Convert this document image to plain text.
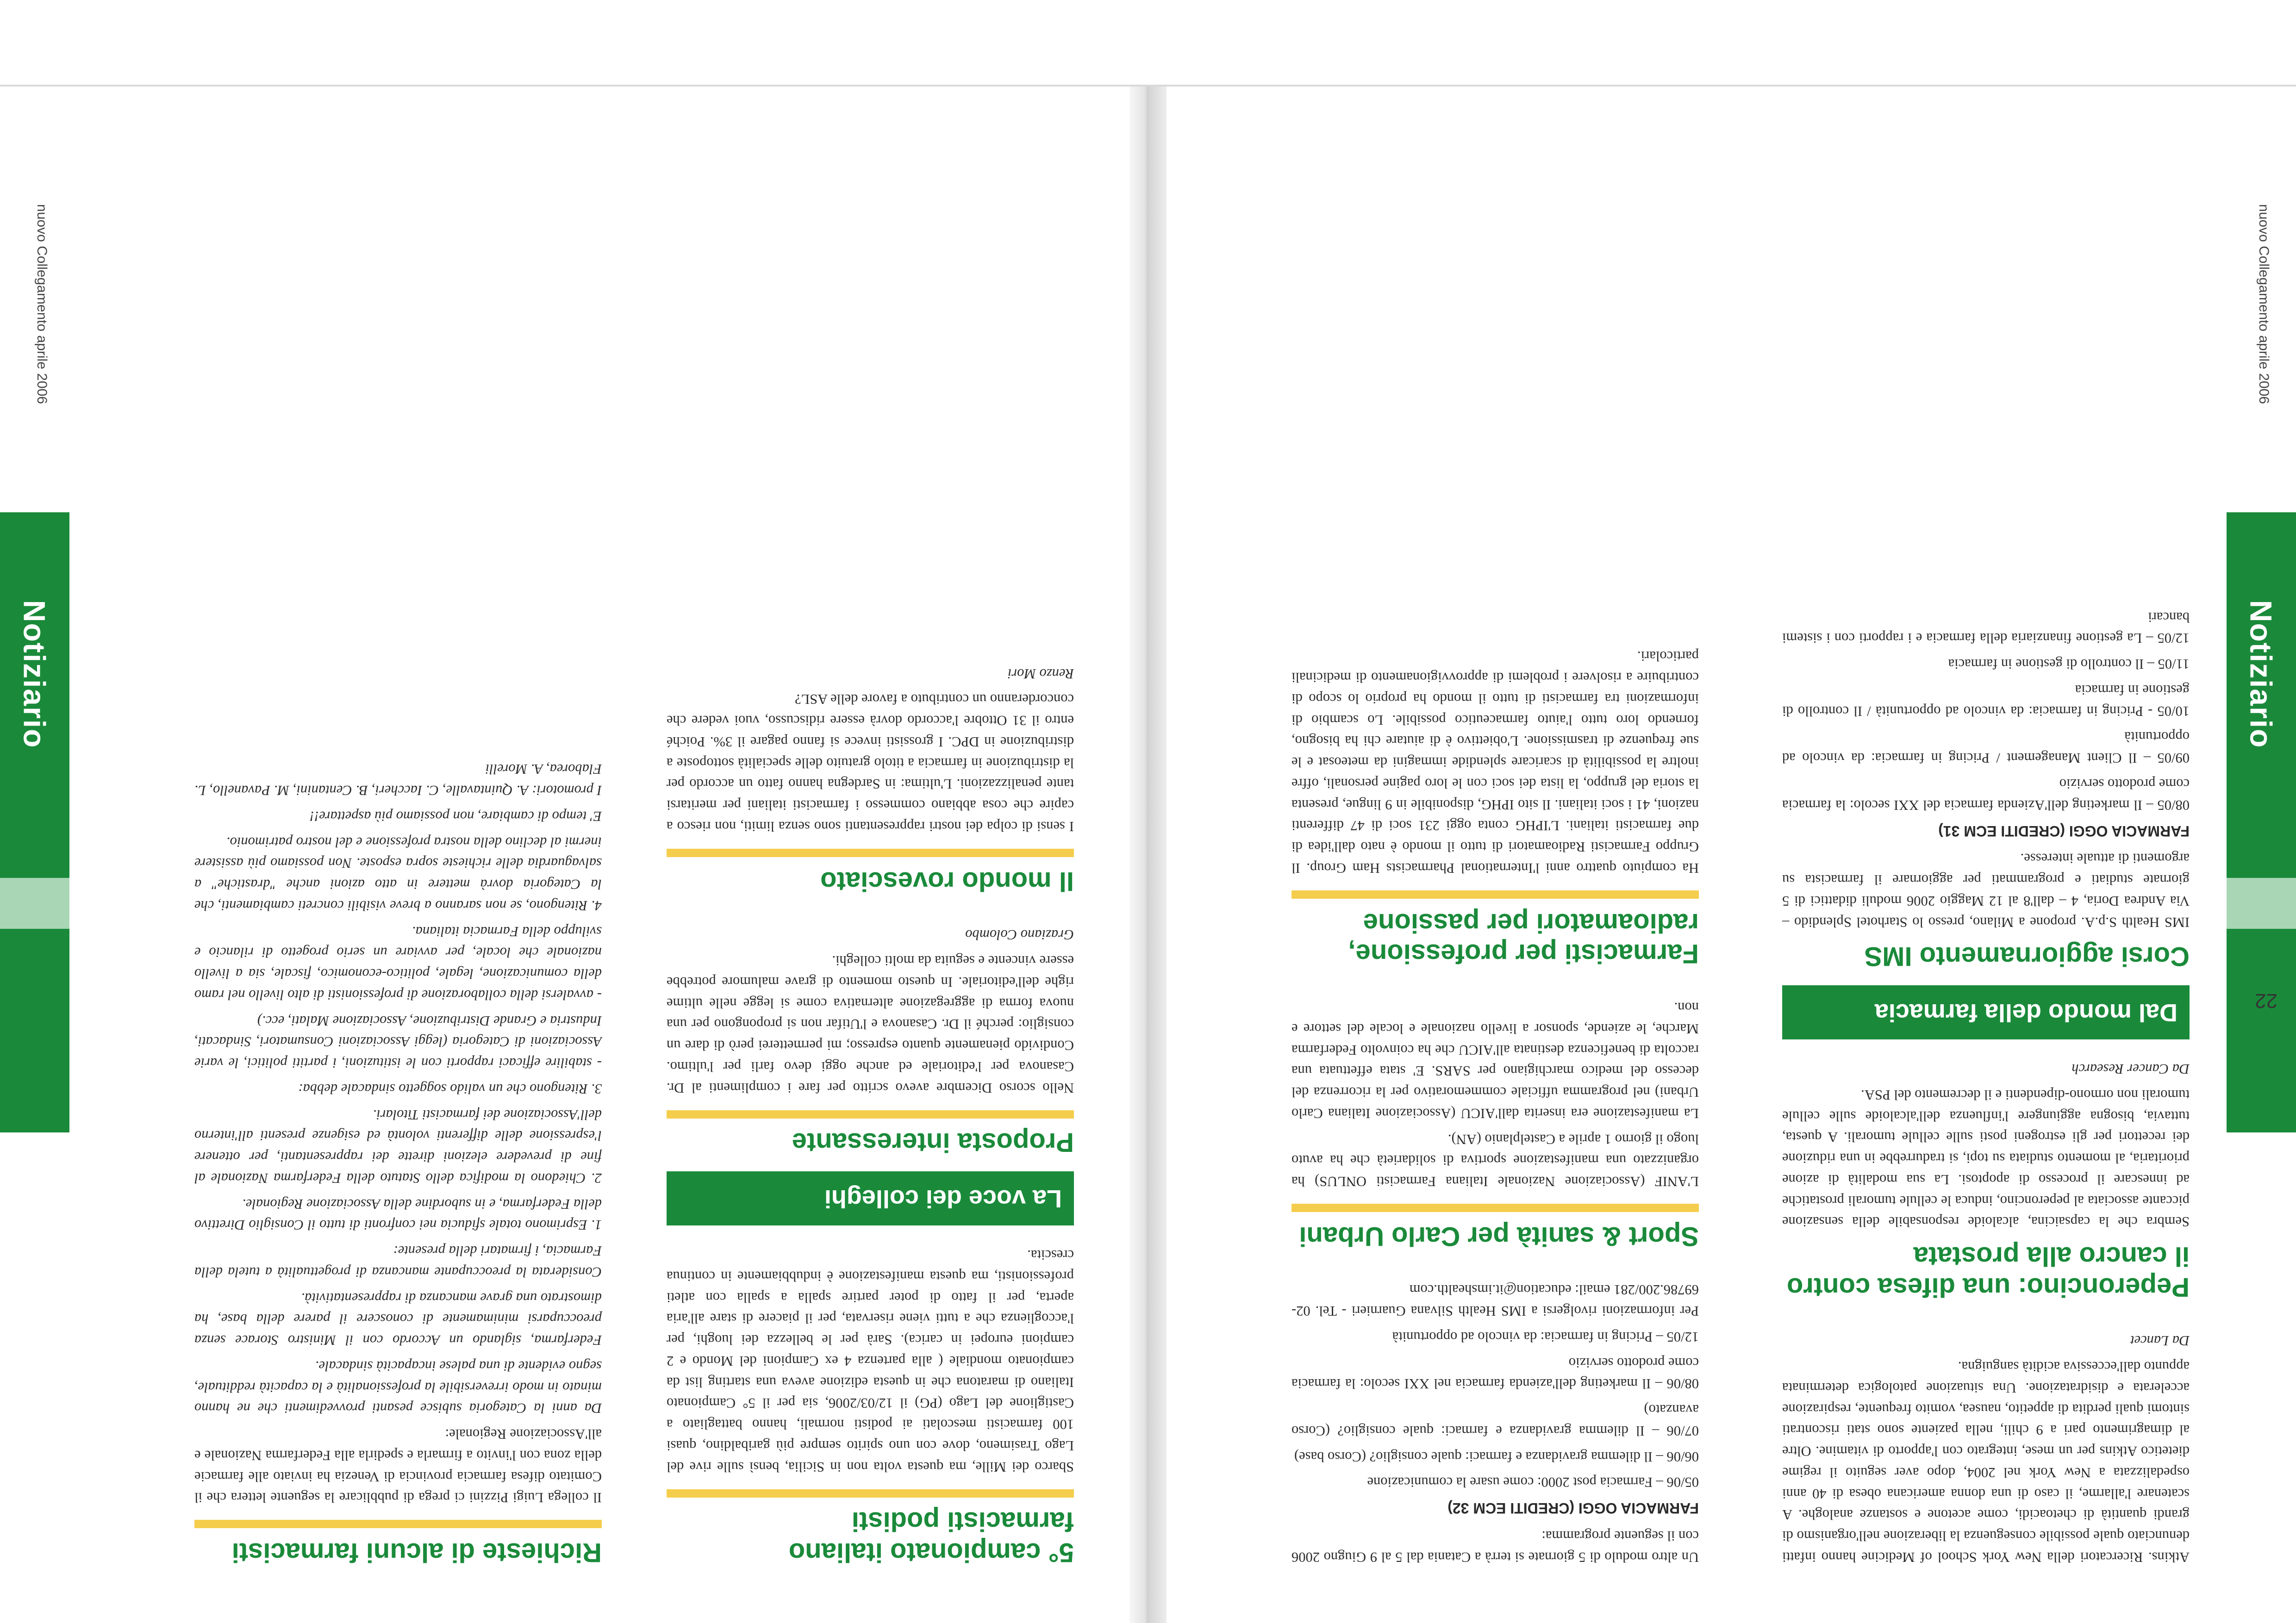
Notiziario
22
nuovo Collegamento aprile 2006

Atkins. Ricercatori della New York School of Medicine hanno infatti denunciato quale possibile conseguenza la liberazione nell'organismo di grandi quantità di chetoacidi, come acetone e sostanze analoghe. A scatenare l'allarme, il caso di una donna americana obesa di 40 anni ospedalizzata a New York nel 2004, dopo aver seguito il regime dietetico Atkins per un mese, integrato con l'apporto di vitamine. Oltre al dimagrimento pari a 9 chili, nella paziente sono stati riscontrati sintomi quali perdita di appetito, nausea, vomito frequente, respirazione accelerata e disidratazione. Una situazione patologica determinata appunto dall'eccessiva acidità sanguigna.

Da Lancet

Peperoncino: una difesa contro il cancro alla prostata

Sembra che la capsaicina, alcaloide responsabile della sensazione piccante associata al peperoncino, induca le cellule tumorali prostatiche ad innescare il processo di apoptosi. La sua modalità di azione prioritaria, al momento studiata su topi, si tradurrebbe in una riduzione dei recettori per gli estrogeni posti sulle cellule tumorali. A questa, tuttavia, bisogna aggiungere l'influenza dell'alcaloide sulle cellule tumorali non ormono-dipendenti e il decremento del PSA.

Da Cancer Research

Dal mondo della farmacia
Corsi aggiornamento IMS

IMS Health S.p.A. propone a Milano, presso lo Starhotel Splendido – Via Andrea Doria, 4 – dall'8 al 12 Maggio 2006 moduli didattici di 5 giornate studiati e programmati per aggiornare il farmacista su argomenti di attuale interesse.

FARMACIA OGGI (CREDITI ECM 31)
08/05 – Il marketing dell'Azienda farmacia del XXI secolo: la farmacia come prodotto servizio
09/05 – Il Client Management / Pricing in farmacia: da vincolo ad opportunità
10/05 - Pricing in farmacia: da vincolo ad opportunità / Il controllo di gestione in farmacia
11/05 – Il controllo di gestione in farmacia
12/05 – La gestione finanziaria della farmacia e i rapporti con i sistemi bancari

Un altro modulo di 5 giornate si terrà a Catania dal 5 al 9 Giugno 2006 con il seguente programma:

FARMACIA OGGI (CREDITI ECM 32)
05/06 – Farmacia post 2000: come usare la comunicazione
06/06 – Il dilemma gravidanza e farmaci: quale consiglio? (Corso base)
07/06 – Il dilemma gravidanza e farmaci: quale consiglio? (Corso avanzato)
08/06 – Il marketing dell'azienda farmacia nel XXI secolo: la farmacia come prodotto servizio
12/05 – Pricing in farmacia: da vincolo ad opportunità

Per informazioni rivolgersi a IMS Health Silvana Guarnieri - Tel. 02-69786.200/281 email: education@it.imshealth.com

Sport & sanità per Carlo Urbani

L'ANIF (Associazione Nazionale Italiana Farmacisti ONLUS) ha organizzato una manifestazione sportiva di solidarietà che ha avuto luogo il giorno 1 aprile a Castelplanio (AN).

La manifestazione era inserita dall'AICU (Associazione Italiana Carlo Urbani) nel programma ufficiale commemorativo per la ricorrenza del decesso del medico marchigiano per SARS. E' stata effettuata una raccolta di beneficenza destinata all'AICU che ha coinvolto Federfarma Marche, le aziende, sponsor a livello nazionale e locale del settore e non.

Farmacisti per professione, radioamatori per passione

Ha compiuto quattro anni l'International Pharmacists Ham Group. Il Gruppo Farmacisti Radioamatori di tutto il mondo è nato dall'idea di due farmacisti italiani. L'IPHG conta oggi 231 soci di 47 differenti nazioni, 41 i soci italiani. Il sito IPHG, disponibile in 9 lingue, presenta la storia del gruppo, la lista dei soci con le loro pagine personali, offre inoltre la possibilità di scaricare splendide immagini da meteosat e le sue frequenze di trasmissione. L'obiettivo è di aiutare chi ha bisogno, fornendo loro tutto l'aiuto farmaceutico possibile. Lo scambio di informazioni tra farmacisti di tutto il mondo ha proprio lo scopo di contribuire a risolvere i problemi di approvvigionamento di medicinali particolari.

5° campionato italiano farmacisti podisti

Sbarco dei Mille, ma questa volta non in Sicilia, bensì sulle rive del Lago Trasimeno, dove con uno spirito sempre più garibaldino, quasi 100 farmacisti mescolati ai podisti normali, hanno battagliato a Castiglione del Lago (PG) il 12/03/2006, sia per il 5° Campionato Italiano di maratona che in questa edizione aveva una starting list da campionato mondiale ( alla partenza 4 ex Campioni del Mondo e 2 campioni europei in carica). Sarà per le bellezza dei luoghi, per l'accoglienza che a tutti viene riservata, per il piacere di stare all'aria aperta, per il fatto di poter partire spalla a spalla con atleti professionisti, ma questa manifestazione è indubbiamente in continua crescita.

La voce dei colleghi
Proposta interessante

Nello scorso Dicembre avevo scritto per fare i complimenti al Dr. Casanova per l'editoriale ed anche oggi devo farli per l'ultimo. Condivido pienamente quanto espresso; mi permetterei però di dare un consiglio: perché il Dr. Casanova e l'Utifar non si propongono per una nuova forma di aggregazione alternativa come si legge nelle ultime righe dell'editoriale. In questo momento di grave malumore potrebbe essere vincente e seguita da molti colleghi.

Graziano Colombo

Il mondo rovesciato

I sensi di colpa dei nostri rappresentanti sono senza limiti, non riesco a capire che cosa abbiano commesso i farmacisti italiani per meritarsi tante penalizzazioni. L'ultima: in Sardegna hanno fatto un accordo per la distribuzione in farmacia a titolo gratuito delle specialità sottoposte a distribuzione in DPC. I grossisti invece si fanno pagare il 3%. Poiché entro il 31 Ottobre l'accordo dovrà essere ridiscusso, vuoi vedere che concorderanno un contributo a favore delle ASL?

Renzo Mori

Richieste di alcuni farmacisti

Il collega Luigi Pizzini ci prega di pubblicare la seguente lettera che il Comitato difesa farmacia provincia di Venezia ha inviato alle farmacie della zona con l'invito a firmarla e spedirla alla Federfarma Nazionale e all'Associazione Regionale:

Da anni la Categoria subisce pesanti provvedimenti che ne hanno minato in modo irreversibile la professionalità e la capacità reddituale, segno evidente di una palese incapacità sindacale.

Federfarma, siglando un Accordo con il Ministro Storace senza preoccuparsi minimamente di conoscere il parere della base, ha dimostrato una grave mancanza di rappresentatività.

Considerata la preoccupante mancanza di progettualità a tutela della Farmacia, i firmatari della presente:

1. Esprimono totale sfiducia nei confronti di tutto il Consiglio Direttivo della Federfarma, e in subordine della Associazione Regionale.

2. Chiedono la modifica dello Statuto della Federfarma Nazionale al fine di prevedere elezioni dirette dei rappresentanti, per ottenere l'espressione delle differenti volontà ed esigenze presenti all'interno dell'Associazione dei farmacisti Titolari.

3. Ritengono che un valido soggetto sindacale debba:

- stabilire efficaci rapporti con le istituzioni, i partiti politici, le varie Associazioni di Categoria (leggi Associazioni Consumatori, Sindacati, Industria e Grande Distribuzione, Associazione Malati, ecc.)

- avvalersi della collaborazione di professionisti di alto livello nel ramo della comunicazione, legale, politico-economico, fiscale, sia a livello nazionale che locale, per avviare un serio progetto di rilancio e sviluppo della Farmacia italiana.

4. Ritengono, se non saranno a breve visibili concreti cambiamenti, che la Categoria dovrà mettere in atto azioni anche "drastiche" a salvaguardia delle richieste sopra esposte. Non possiamo più assistere inermi al declino della nostra professione e del nostro patrimonio.

E' tempo di cambiare, non possiamo più aspettare!!

I promotori: A. Quintavalle, C. Iaccheri, B. Centanini, M. Pavanello, L. Flaborea, A. Morelli

nuovo Collegamento aprile 2006
Notiziario
